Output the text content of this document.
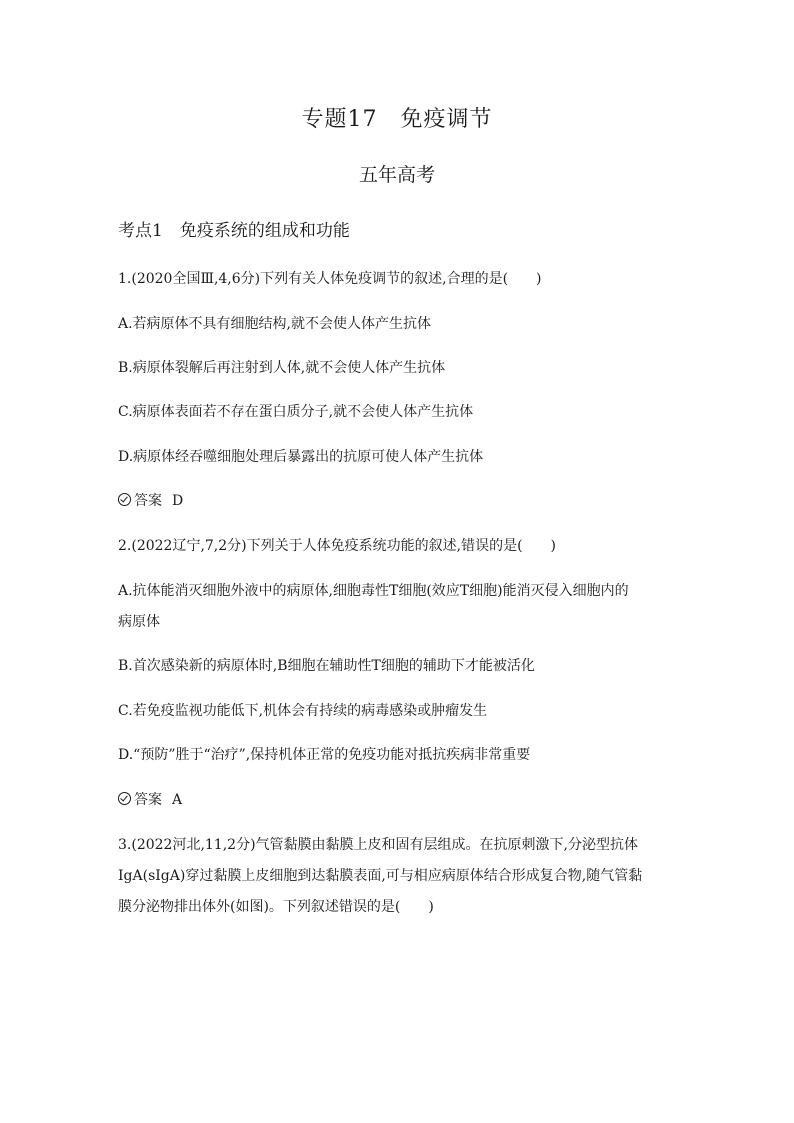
专题17　免疫调节
五年高考
考点1　免疫系统的组成和功能
1.(2020全国Ⅲ,4,6分)下列有关人体免疫调节的叙述,合理的是(　　)
A.若病原体不具有细胞结构,就不会使人体产生抗体
B.病原体裂解后再注射到人体,就不会使人体产生抗体
C.病原体表面若不存在蛋白质分子,就不会使人体产生抗体
D.病原体经吞噬细胞处理后暴露出的抗原可使人体产生抗体
答案 D
2.(2022辽宁,7,2分)下列关于人体免疫系统功能的叙述,错误的是(　　)
A.抗体能消灭细胞外液中的病原体,细胞毒性T细胞(效应T细胞)能消灭侵入细胞内的
病原体
B.首次感染新的病原体时,B细胞在辅助性T细胞的辅助下才能被活化
C.若免疫监视功能低下,机体会有持续的病毒感染或肿瘤发生
D.“预防”胜于“治疗”,保持机体正常的免疫功能对抵抗疾病非常重要
答案 A
3.(2022河北,11,2分)气管黏膜由黏膜上皮和固有层组成。在抗原刺激下,分泌型抗体
IgA(sIgA)穿过黏膜上皮细胞到达黏膜表面,可与相应病原体结合形成复合物,随气管黏
膜分泌物排出体外(如图)。下列叙述错误的是(　　)
